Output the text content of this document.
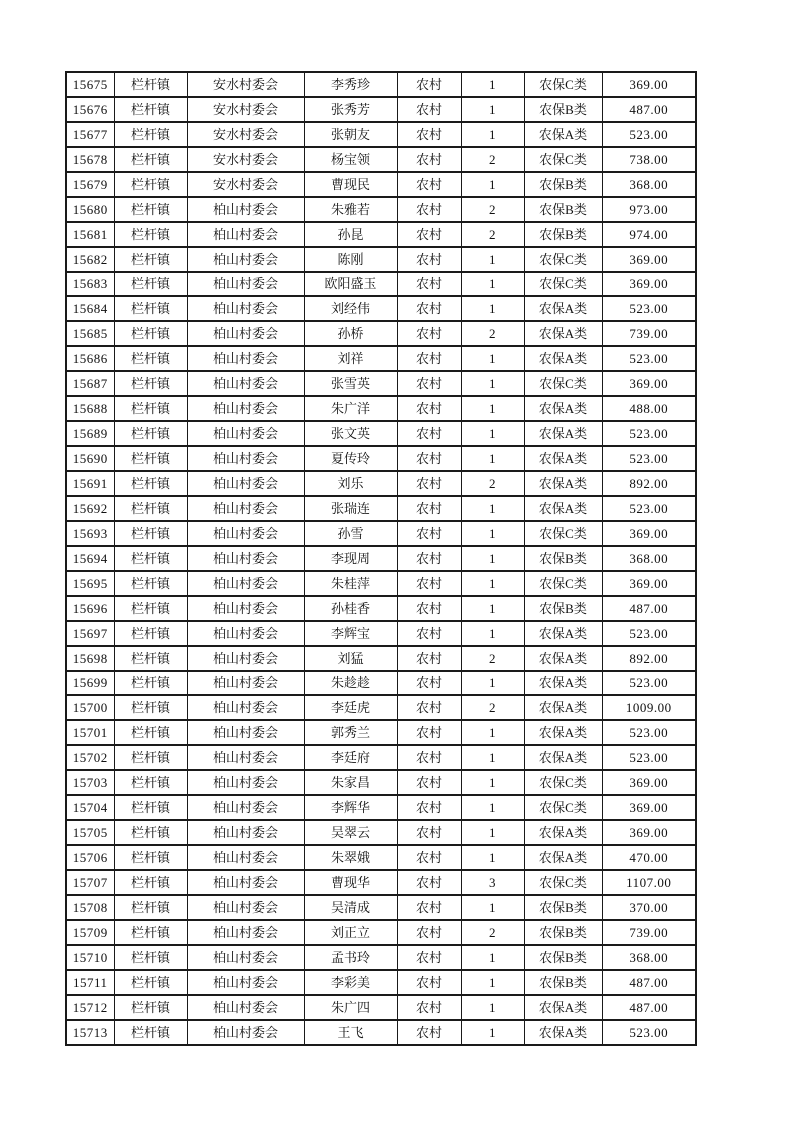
15675	栏杆镇	安水村委会	李秀珍	农村	1	农保C类	369.00
15676	栏杆镇	安水村委会	张秀芳	农村	1	农保B类	487.00
15677	栏杆镇	安水村委会	张朝友	农村	1	农保A类	523.00
15678	栏杆镇	安水村委会	杨宝领	农村	2	农保C类	738.00
15679	栏杆镇	安水村委会	曹现民	农村	1	农保B类	368.00
15680	栏杆镇	柏山村委会	朱雅若	农村	2	农保B类	973.00
15681	栏杆镇	柏山村委会	孙昆	农村	2	农保B类	974.00
15682	栏杆镇	柏山村委会	陈刚	农村	1	农保C类	369.00
15683	栏杆镇	柏山村委会	欧阳盛玉	农村	1	农保C类	369.00
15684	栏杆镇	柏山村委会	刘经伟	农村	1	农保A类	523.00
15685	栏杆镇	柏山村委会	孙桥	农村	2	农保A类	739.00
15686	栏杆镇	柏山村委会	刘祥	农村	1	农保A类	523.00
15687	栏杆镇	柏山村委会	张雪英	农村	1	农保C类	369.00
15688	栏杆镇	柏山村委会	朱广洋	农村	1	农保A类	488.00
15689	栏杆镇	柏山村委会	张文英	农村	1	农保A类	523.00
15690	栏杆镇	柏山村委会	夏传玲	农村	1	农保A类	523.00
15691	栏杆镇	柏山村委会	刘乐	农村	2	农保A类	892.00
15692	栏杆镇	柏山村委会	张瑞连	农村	1	农保A类	523.00
15693	栏杆镇	柏山村委会	孙雪	农村	1	农保C类	369.00
15694	栏杆镇	柏山村委会	李现周	农村	1	农保B类	368.00
15695	栏杆镇	柏山村委会	朱桂萍	农村	1	农保C类	369.00
15696	栏杆镇	柏山村委会	孙桂香	农村	1	农保B类	487.00
15697	栏杆镇	柏山村委会	李辉宝	农村	1	农保A类	523.00
15698	栏杆镇	柏山村委会	刘猛	农村	2	农保A类	892.00
15699	栏杆镇	柏山村委会	朱趁趁	农村	1	农保A类	523.00
15700	栏杆镇	柏山村委会	李廷虎	农村	2	农保A类	1009.00
15701	栏杆镇	柏山村委会	郭秀兰	农村	1	农保A类	523.00
15702	栏杆镇	柏山村委会	李廷府	农村	1	农保A类	523.00
15703	栏杆镇	柏山村委会	朱家昌	农村	1	农保C类	369.00
15704	栏杆镇	柏山村委会	李辉华	农村	1	农保C类	369.00
15705	栏杆镇	柏山村委会	吴翠云	农村	1	农保A类	369.00
15706	栏杆镇	柏山村委会	朱翠娥	农村	1	农保A类	470.00
15707	栏杆镇	柏山村委会	曹现华	农村	3	农保C类	1107.00
15708	栏杆镇	柏山村委会	吴清成	农村	1	农保B类	370.00
15709	栏杆镇	柏山村委会	刘正立	农村	2	农保B类	739.00
15710	栏杆镇	柏山村委会	孟书玲	农村	1	农保B类	368.00
15711	栏杆镇	柏山村委会	李彩美	农村	1	农保B类	487.00
15712	栏杆镇	柏山村委会	朱广四	农村	1	农保A类	487.00
15713	栏杆镇	柏山村委会	王飞	农村	1	农保A类	523.00
